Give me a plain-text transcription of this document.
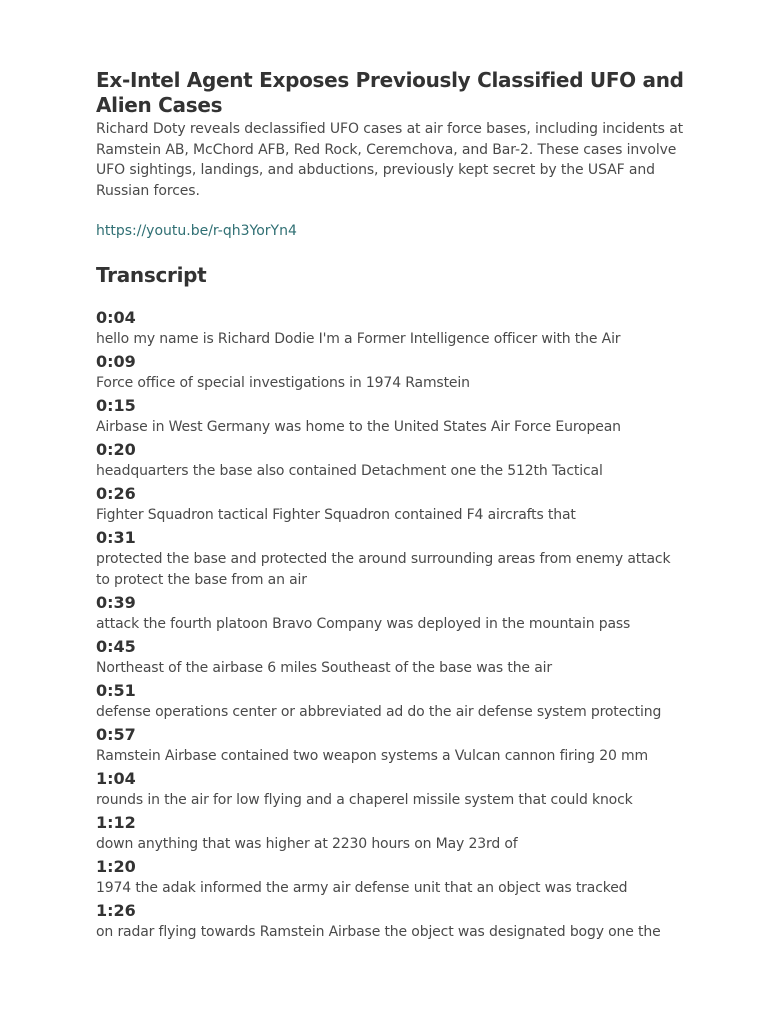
Ex-Intel Agent Exposes Previously Classified UFO and Alien Cases

Richard Doty reveals declassified UFO cases at air force bases, including incidents at Ramstein AB, McChord AFB, Red Rock, Ceremchova, and Bar-2. These cases involve UFO sightings, landings, and abductions, previously kept secret by the USAF and Russian forces.

https://youtu.be/r-qh3YorYn4
Transcript
0:04
hello my name is Richard Dodie I'm a Former Intelligence officer with the Air
0:09
Force office of special investigations in 1974 Ramstein
0:15
Airbase in West Germany was home to the United States Air Force European
0:20
headquarters the base also contained Detachment one the 512th Tactical
0:26
Fighter Squadron tactical Fighter Squadron contained F4 aircrafts that
0:31
protected the base and protected the around surrounding areas from enemy attack to protect the base from an air
0:39
attack the fourth platoon Bravo Company was deployed in the mountain pass
0:45
Northeast of the airbase 6 miles Southeast of the base was the air
0:51
defense operations center or abbreviated ad do the air defense system protecting
0:57
Ramstein Airbase contained two weapon systems a Vulcan cannon firing 20 mm
1:04
rounds in the air for low flying and a chaperel missile system that could knock
1:12
down anything that was higher at 2230 hours on May 23rd of
1:20
1974 the adak informed the army air defense unit that an object was tracked
1:26
on radar flying towards Ramstein Airbase the object was designated bogy one the
